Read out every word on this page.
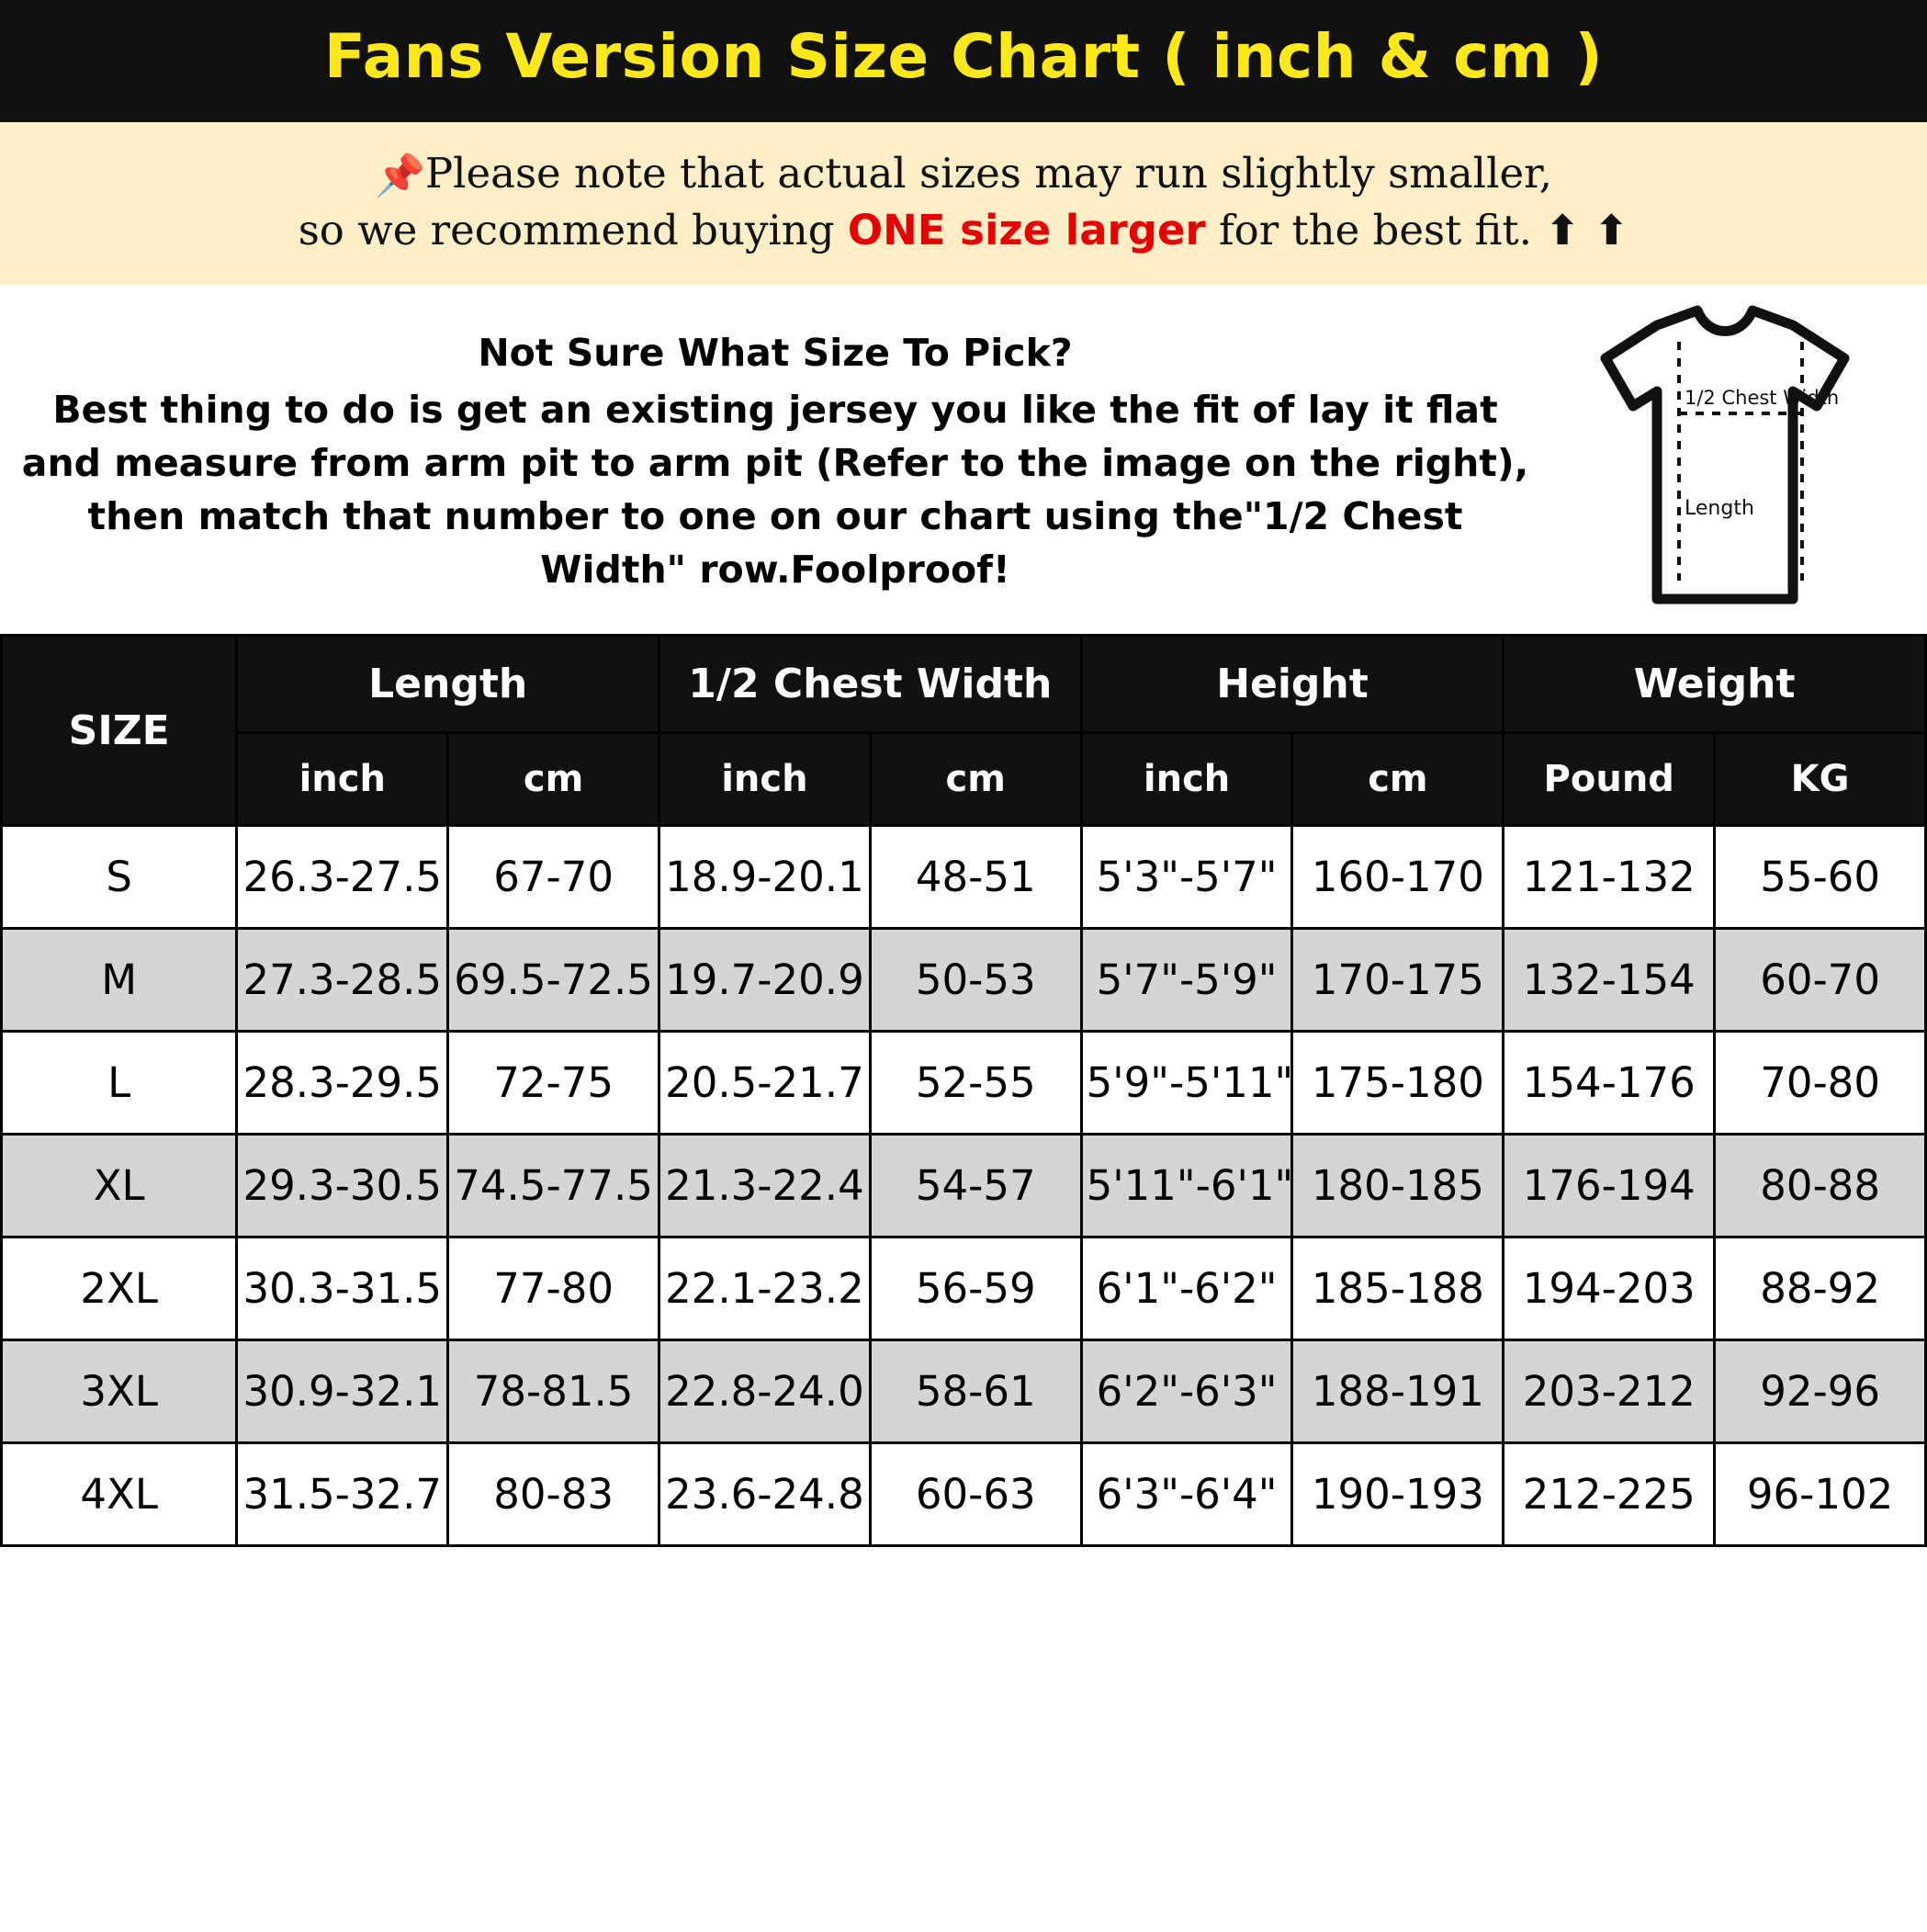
Fans Version Size Chart ( inch & cm )
📌Please note that actual sizes may run slightly smaller,
so we recommend buying ONE size larger for the best fit. ⬆ ⬆
Not Sure What Size To Pick?
Best thing to do is get an existing jersey you like the fit of lay it flat and measure from arm pit to arm pit (Refer to the image on the right), then match that number to one on our chart using the"1/2 Chest Width" row.Foolproof!
1/2 Chest Width
Length
SIZE	Length		1/2 Chest Width		Height		Weight	
	inch	cm	inch	cm	inch	cm	Pound	KG
S	26.3-27.5	67-70	18.9-20.1	48-51	5'3"-5'7"	160-170	121-132	55-60
M	27.3-28.5	69.5-72.5	19.7-20.9	50-53	5'7"-5'9"	170-175	132-154	60-70
L	28.3-29.5	72-75	20.5-21.7	52-55	5'9"-5'11"	175-180	154-176	70-80
XL	29.3-30.5	74.5-77.5	21.3-22.4	54-57	5'11"-6'1"	180-185	176-194	80-88
2XL	30.3-31.5	77-80	22.1-23.2	56-59	6'1"-6'2"	185-188	194-203	88-92
3XL	30.9-32.1	78-81.5	22.8-24.0	58-61	6'2"-6'3"	188-191	203-212	92-96
4XL	31.5-32.7	80-83	23.6-24.8	60-63	6'3"-6'4"	190-193	212-225	96-102
